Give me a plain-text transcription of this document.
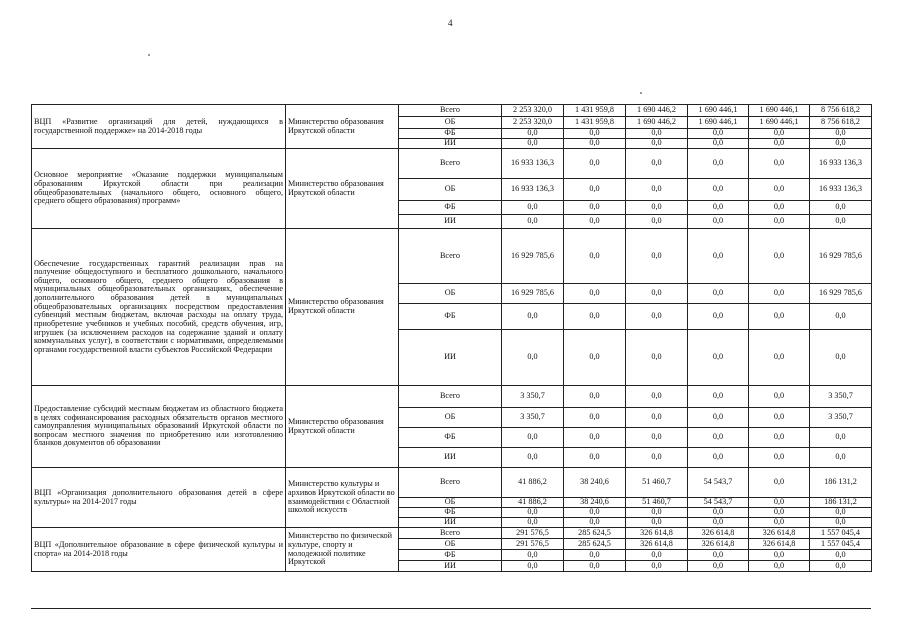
4
ВЦП «Развитие организаций для детей, нуждающихся в государственной поддержке» на 2014-2018 годы	Министерство образования Иркутской области	Всего	2 253 320,0	1 431 959,8	1 690 446,2	1 690 446,1	1 690 446,1	8 756 618,2
		ОБ	2 253 320,0	1 431 959,8	1 690 446,2	1 690 446,1	1 690 446,1	8 756 618,2
		ФБ	0,0	0,0	0,0	0,0	0,0	0,0
		ИИ	0,0	0,0	0,0	0,0	0,0	0,0
Основное мероприятие «Оказание поддержки муниципальным образованиям Иркутской области при реализации общеобразовательных (начального общего, основного общего, среднего общего образования) программ»	Министерство образования Иркутской области	Всего	16 933 136,3	0,0	0,0	0,0	0,0	16 933 136,3
		ОБ	16 933 136,3	0,0	0,0	0,0	0,0	16 933 136,3
		ФБ	0,0	0,0	0,0	0,0	0,0	0,0
		ИИ	0,0	0,0	0,0	0,0	0,0	0,0
Обеспечение государственных гарантий реализации прав на получение общедоступного и бесплатного дошкольного, начального общего, основного общего, среднего общего образования в муниципальных общеобразовательных организациях, обеспечение дополнительного образования детей в муниципальных общеобразовательных организациях посредством предоставления субвенций местным бюджетам, включая расходы на оплату труда, приобретение учебников и учебных пособий, средств обучения, игр, игрушек (за исключением расходов на содержание зданий и оплату коммунальных услуг), в соответствии с нормативами, определяемыми органами государственной власти субъектов Российской Федерации	Министерство образования Иркутской области	Всего	16 929 785,6	0,0	0,0	0,0	0,0	16 929 785,6
		ОБ	16 929 785,6	0,0	0,0	0,0	0,0	16 929 785,6
		ФБ	0,0	0,0	0,0	0,0	0,0	0,0
		ИИ	0,0	0,0	0,0	0,0	0,0	0,0
Предоставление субсидий местным бюджетам из областного бюджета в целях софинансирования расходных обязательств органов местного самоуправления муниципальных образований Иркутской области по вопросам местного значения по приобретению или изготовлению бланков документов об образовании	Министерство образования Иркутской области	Всего	3 350,7	0,0	0,0	0,0	0,0	3 350,7
		ОБ	3 350,7	0,0	0,0	0,0	0,0	3 350,7
		ФБ	0,0	0,0	0,0	0,0	0,0	0,0
		ИИ	0,0	0,0	0,0	0,0	0,0	0,0
ВЦП «Организация дополнительного образования детей в сфере культуры» на 2014-2017 годы	Министерство культуры и архивов Иркутской области во взаимодействии с Областной школой искусств	Всего	41 886,2	38 240,6	51 460,7	54 543,7	0,0	186 131,2
		ОБ	41 886,2	38 240,6	51 460,7	54 543,7	0,0	186 131,2
		ФБ	0,0	0,0	0,0	0,0	0,0	0,0
		ИИ	0,0	0,0	0,0	0,0	0,0	0,0
ВЦП «Дополнительное образование в сфере физической культуры и спорта» на 2014-2018 годы	Министерство по физической культуре, спорту и молодежной политике Иркутской	Всего	291 576,5	285 624,5	326 614,8	326 614,8	326 614,8	1 557 045,4
		ОБ	291 576,5	285 624,5	326 614,8	326 614,8	326 614,8	1 557 045,4
		ФБ	0,0	0,0	0,0	0,0	0,0	0,0
		ИИ	0,0	0,0	0,0	0,0	0,0	0,0
